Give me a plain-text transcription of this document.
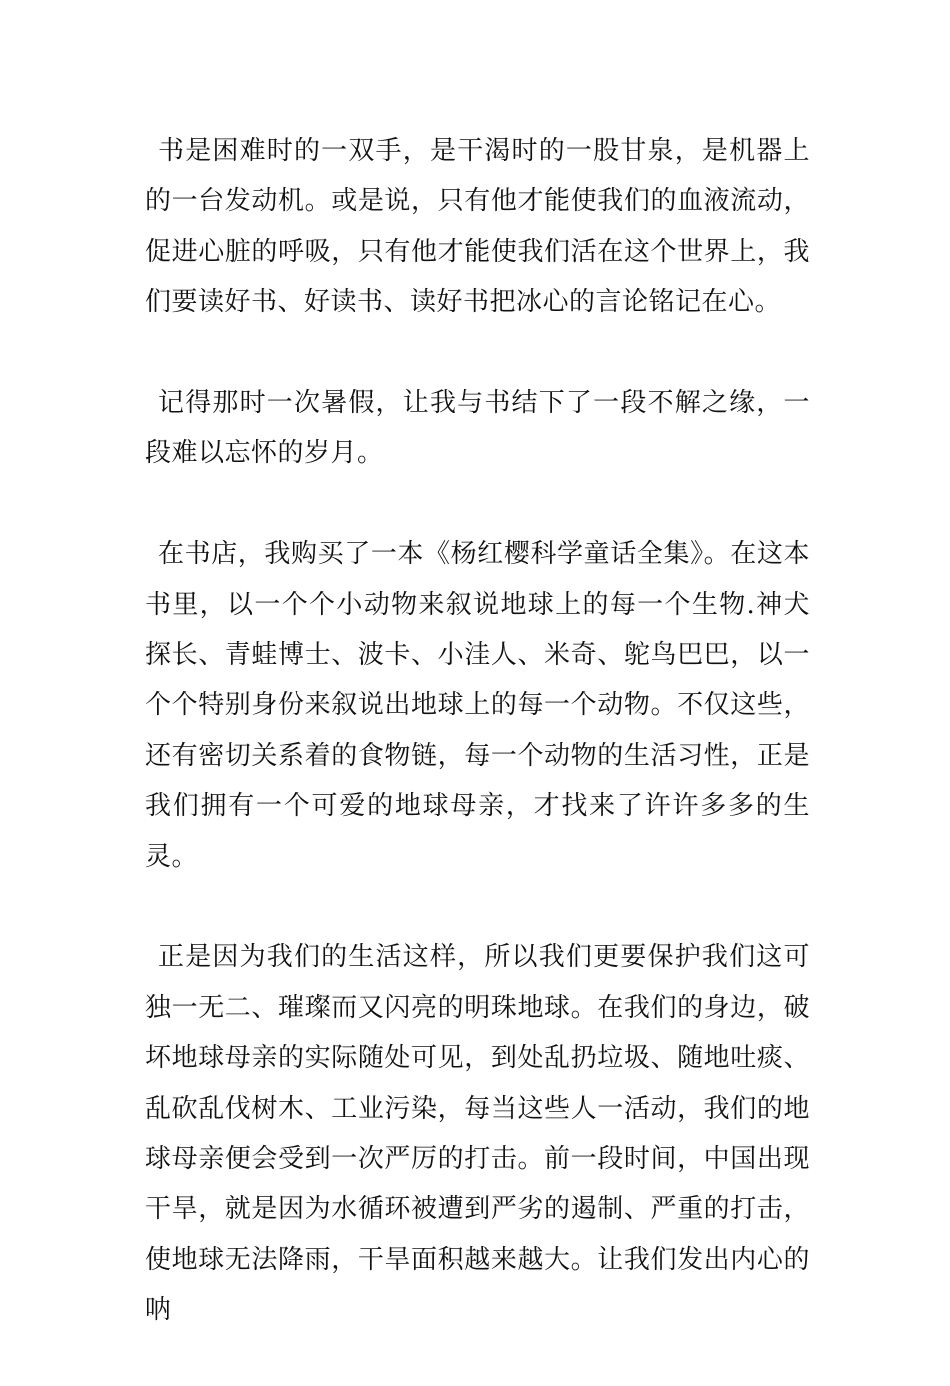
书是困难时的一双手，是干渴时的一股甘泉，是机器上的一台发动机。或是说，只有他才能使我们的血液流动，促进心脏的呼吸，只有他才能使我们活在这个世界上，我们要读好书、好读书、读好书把冰心的言论铭记在心。

记得那时一次暑假，让我与书结下了一段不解之缘，一段难以忘怀的岁月。

在书店，我购买了一本《杨红樱科学童话全集》。在这本书里，以一个个小动物来叙说地球上的每一个生物.神犬探长、青蛙博士、波卡、小洼人、米奇、鸵鸟巴巴，以一个个特别身份来叙说出地球上的每一个动物。不仅这些，还有密切关系着的食物链，每一个动物的生活习性，正是我们拥有一个可爱的地球母亲，才找来了许许多多的生灵。

正是因为我们的生活这样，所以我们更要保护我们这可独一无二、璀璨而又闪亮的明珠地球。在我们的身边，破坏地球母亲的实际随处可见，到处乱扔垃圾、随地吐痰、乱砍乱伐树木、工业污染，每当这些人一活动，我们的地球母亲便会受到一次严厉的打击。前一段时间，中国出现干旱，就是因为水循环被遭到严劣的遏制、严重的打击，使地球无法降雨，干旱面积越来越大。让我们发出内心的呐
